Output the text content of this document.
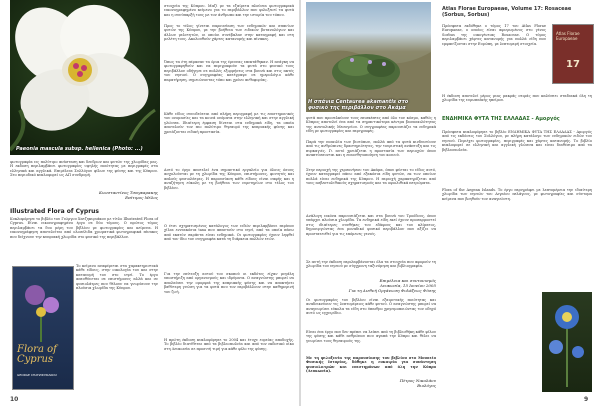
Paeonia mascula subsp. hellenica (Photo: ...)
φωτογραφία εις πολύτιμο ανάσταση και δενδρων και φυτών της χλωρίδας μας. Η εκδοση περιλαμβάνει φωτογραφίες υψηλής ποιότητας με περιγραφές στα ελληνικά και αγγλικά. Επιμέλεια Συλλόγου φίλων της φύσης και της Κύπρου. Στο περιοδικό κυκλοφορεί ως ΑΠ συνδρομή.
Κωνσταντίνος Τσαγκαρακης
Επίτιμος Μέλος
Illustrated Flora of Cyprus
Κυκλοφόρησε το βιβλίο του Γιώργου Χατζηκυριάκου με τίτλο Illustrated Flora of Cyprus. Είναι εικονογραφημένο έργο σε δύο τόμους. Ο πρώτος τόμος περιλαμβάνει τα δυο μέρη του βιβλίου με φωτογραφίες και κείμενα. Η εικονογράφηση αποτελείται από ολοσέλιδα χρωματικά φωτογραφικά πίνακες που δείχνουν την κυπριακή χλωρίδα στο φυσικό της περιβάλλον.
Το κείμενο αναφέρεται στα χαρακτηριστικά κάθε είδους, στην οικολογία του και στην κατανομή του στο νησί. Το έργο απευθύνεται σε επιστήμονες αλλά και σε φυσιολάτρες που θέλουν να γνωρίσουν την πλούσια χλωρίδα της Κύπρου.
Flora of Cyprus
GEORGE CHATZIKYRIAKOU
10
στοιχεία της Κύπρου. Μαζί με τα εξαίρετα πλούσια φωτογραφικά εικονογραφημένο κείμενο για το περιβάλλον που φιλοξενεί τα φυτά και η συνύπαρξή τους με τον άνθρωπο και την ιστορία του τόπου.
Προς το τέλος γίνεται παρουσίαση των ενδημικών και σπανίων φυτών της Κύπρου, με την βοήθεια των ειδικών βοτανολόγων και άλλων μελετητών, οι οποίοι συνέβαλαν στην καταγραφή και στη μελέτη τους. Ακολουθούν χάρτες κατανομής και πίνακες.
Όπως τα έτη πέρασαν τα όρια της έρευνας επεκτάθηκαν. Η ανάγκη να φωτογραφηθούν και να περιγραφούν τα φυτά στο φυσικό τους περιβάλλον οδήγησε σε πολλές εξορμήσεις στα βουνά και στις ακτές του νησιού. Ο συγγραφέας κατέγραψε σε ημερολόγιο κάθε παρατήρηση, σημειώνοντας τόπο και χρόνο ανθοφορίας.
Κάθε είδος συνοδεύεται από πλήρη περιγραφή με τις επιστημονικές του ονομασίες και τα κοινά ονόματα στην ελληνική και στην αγγλική γλώσσα. Ιδιαίτερη έμφαση δίνεται στα ενδημικά είδη, τα οποία αποτελούν τον πιο πολύτιμο θησαυρό της κυπριακής φύσης και χρειάζονται ειδική προστασία.
Αυτό το έργο αποτελεί ένα σημαντικό εργαλείο για όλους όσους ασχολούνται με τη χλωρίδα της Κύπρου, επιστήμονες, φοιτητές και απλούς φυσιολάτρες. Η παρουσίαση κάθε είδους είναι σαφής και η αναζήτηση εύκολη με τη βοήθεια των ευρετηρίων στο τέλος του βιβλίου.
Ο έτσι σχηματισμένος κατάλογος των ειδών περιλαμβάνει περίπου χίλια εννιακόσια taxa που απαντούν στο νησί, από τα οποία πάνω από εκατόν σαράντα είναι ενδημικά. Οι φωτογραφίες έχουν ληφθεί από τον ίδιο τον συγγραφέα κατά τη διάρκεια πολλών ετών.
Για την επίτευξη αυτού του σκοπού οι εκδότες είχαν μεγάλη υποστήριξη από οργανισμούς και ιδρύματα. Ο αναγνώστης μπορεί να απολαύσει την ομορφιά της κυπριακής φύσης και να αποκτήσει βαθύτερη γνώση για τα φυτά που τον περιβάλλουν στην καθημερινή του ζωή.
Η πρώτη έκδοση κυκλοφόρησε το 2004 και έτυχε ευρείας αποδοχής. Το βιβλίο διατίθεται από τα βιβλιοπωλεία και από τον εκδοτικό οίκο στη Λευκωσία σε προσιτή τιμή για κάθε φίλο της φύσης.
Η σπάνια Centaurea akamantis στο φυσικό της περιβάλλον στο Ακάμα
φυτά που προσελκύουν τους επισκέπτες από όλο τον κόσμο, καθώς η Κύπρος αποτελεί ένα από τα σημαντικότερα κέντρα βιοποικιλότητας της ανατολικής Μεσογείου. Ο συγγραφέας παρουσιάζει τα ενδημικά είδη με φωτογραφίες και περιγραφές.
Παρά την ποικιλία των βιοτόπων, πολλά από τα φυτά κινδυνεύουν από τις ανθρώπινες δραστηριότητες, την τουριστική ανάπτυξη και τις πυρκαγιές. Γι αυτό χρειάζεται η προστασία των περιοχών όπου αναπτύσσονται και η ευαισθητοποίηση του κοινού.
Στην περιοχή της χερσονήσου του Ακάμα, όπου φύεται το είδος αυτό, έχουν καταγραφεί πάνω από εξακόσια είδη φυτών, εκ των οποίων πολλά είναι ενδημικά της Κύπρου. Η περιοχή χαρακτηρίζεται από τους ασβεστολιθικούς σχηματισμούς και τα οφιολιθικά πετρώματα.
Ανάλογη εικόνα παρουσιάζεται και στα βουνά του Τροόδους, όπου υπάρχει πλούσια χλωρίδα. Τα ενδημικά είδη εκεί έχουν προσαρμοστεί στις ιδιαίτερες συνθήκες του εδάφους και του κλίματος, δημιουργώντας ένα μοναδικό φυσικό περιβάλλον που αξίζει να προστατευθεί για τις επόμενες γενιές.
Σε αυτή την έκδοση περιλαμβάνονται όλα τα στοιχεία που αφορούν τη χλωρίδα του νησιού με σύγχρονη ταξινόμηση και βιβλιογραφία.
Επιμέλεια και συντονισμός
Λευκωσία, 15 Ιουνίου 2005
Για τη Διεθνή Οργάνωση Φυλάξεως Φύσης
Οι φωτογραφίες του βιβλίου είναι εξαιρετικής ποιότητας και αναδεικνύουν τις λεπτομέρειες κάθε φυτού. Ο αναγνώστης μπορεί να αναγνωρίσει εύκολα τα είδη στο ύπαιθρο χρησιμοποιώντας τον οδηγό αυτό ως εγχειρίδιο.
Είναι ένα έργο που δεν πρέπει να λείπει από τη βιβλιοθήκη κάθε φίλου της φύσης και κάθε ανθρώπου που αγαπά την Κύπρο και θέλει να γνωρίσει τους θησαυρούς της.
Με τη φιλοξενία της παρουσίασης του βιβλίου στο Μουσείο Φυσικής Ιστορίας, δόθηκε η ευκαιρία για συνάντηση φυσιολατρών και επιστημόνων από όλη την Κύπρο (Λευκωσία).
Πέτρος Νικολάου
Βιολόγος
9
Atlas Florae Europaeae, Volume 17: Rosaceae (Sorbus, Sorbus)
Πρόσφατα εκδόθηκε ο τόμος 17 του Atlas Florae Europaeae, ο οποίος είναι αφιερωμένος στο γένος Sorbus της οικογένειας Rosaceae. Ο τόμος περιλαμβάνει χάρτες κατανομής για πολλά είδη που εμφανίζονται στην Ευρώπη, με λεπτομερή στοιχεία.
Atlas Florae Europaeae
17
Η έκδοση αποτελεί μέρος μιας μακράς σειράς που καλύπτει σταδιακά όλη τη χλωρίδα της ευρωπαϊκής ηπείρου.
ΕΝΔΗΜΙΚΑ ΦΥΤΑ ΤΗΣ ΕΛΛΑΔΑΣ - Αμοργός
Πρόσφατα κυκλοφόρησε το βιβλίο ΕΝΔΗΜΙΚΑ ΦΥΤΑ ΤΗΣ ΕΛΛΑΔΑΣ - Αμοργός από τις εκδόσεις του Συλλόγου, με πλήρη κατάλογο των ενδημικών ειδών του νησιού. Περιέχει φωτογραφίες, περιγραφές και χάρτες κατανομής. Το βιβλίο κυκλοφορεί σε ελληνική και αγγλική γλώσσα και είναι διαθέσιμο από τα βιβλιοπωλεία.
Flora of the Aegean Islands. Το έργο περιγράφει με λεπτομέρεια την ιδιαίτερη χλωρίδα των νησιών του Αιγαίου πελάγους, με φωτογραφίες και σύντομα κείμενα που βοηθούν τον αναγνώστη.
